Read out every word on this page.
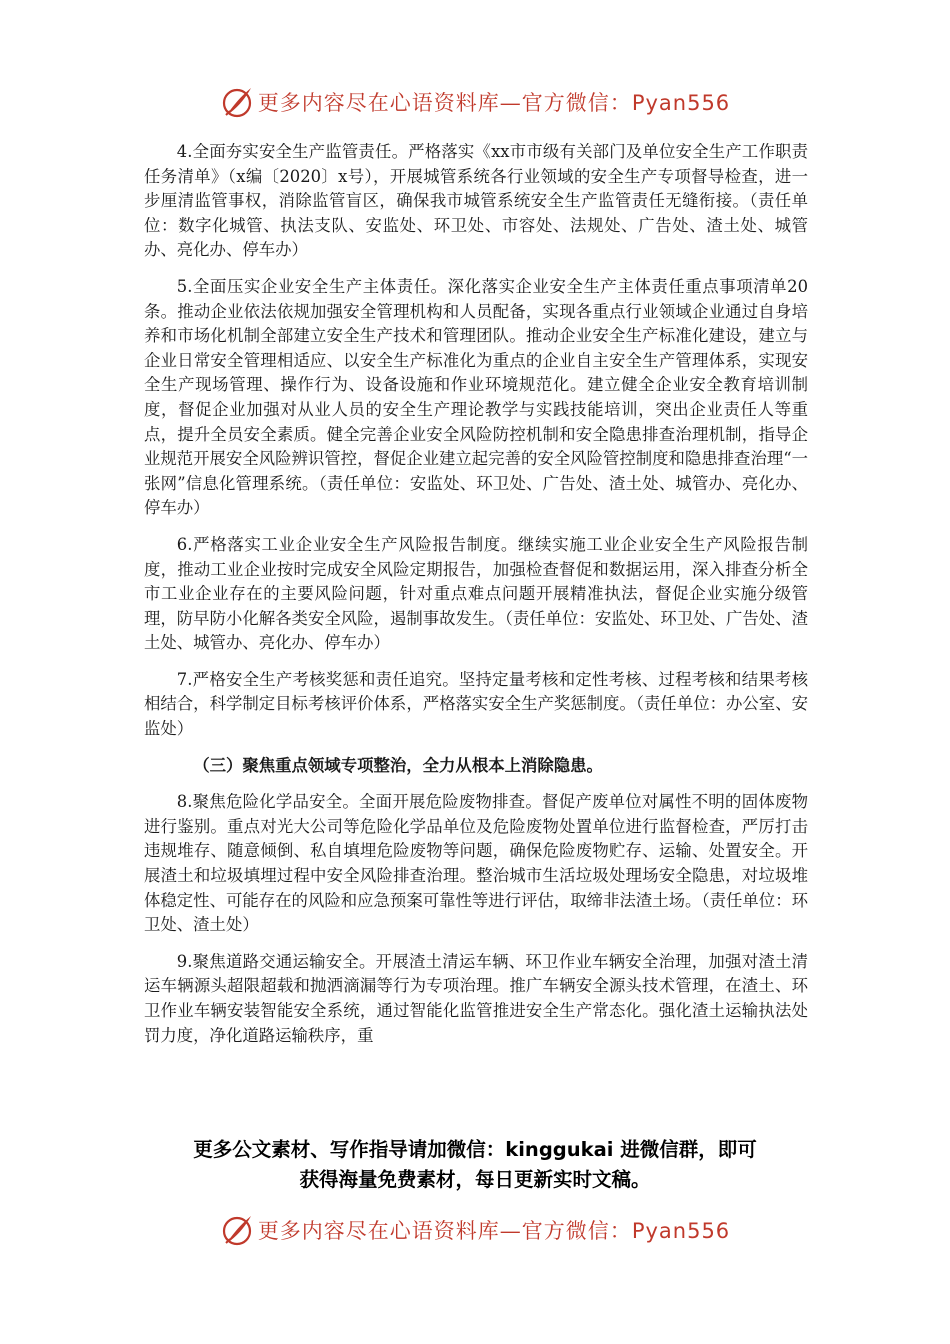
更多内容尽在心语资料库—官方微信：Pyan556

4.全面夯实安全生产监管责任。严格落实《xx市市级有关部门及单位安全生产工作职责任务清单》（x编〔2020〕x号），开展城管系统各行业领域的安全生产专项督导检查，进一步厘清监管事权，消除监管盲区，确保我市城管系统安全生产监管责任无缝衔接。（责任单位：数字化城管、执法支队、安监处、环卫处、市容处、法规处、广告处、渣土处、城管办、亮化办、停车办）

5.全面压实企业安全生产主体责任。深化落实企业安全生产主体责任重点事项清单20条。推动企业依法依规加强安全管理机构和人员配备，实现各重点行业领域企业通过自身培养和市场化机制全部建立安全生产技术和管理团队。推动企业安全生产标准化建设，建立与企业日常安全管理相适应、以安全生产标准化为重点的企业自主安全生产管理体系，实现安全生产现场管理、操作行为、设备设施和作业环境规范化。建立健全企业安全教育培训制度，督促企业加强对从业人员的安全生产理论教学与实践技能培训，突出企业责任人等重点，提升全员安全素质。健全完善企业安全风险防控机制和安全隐患排查治理机制，指导企业规范开展安全风险辨识管控，督促企业建立起完善的安全风险管控制度和隐患排查治理“一张网”信息化管理系统。（责任单位：安监处、环卫处、广告处、渣土处、城管办、亮化办、停车办）

6.严格落实工业企业安全生产风险报告制度。继续实施工业企业安全生产风险报告制度，推动工业企业按时完成安全风险定期报告，加强检查督促和数据运用，深入排查分析全市工业企业存在的主要风险问题，针对重点难点问题开展精准执法，督促企业实施分级管理，防早防小化解各类安全风险，遏制事故发生。（责任单位：安监处、环卫处、广告处、渣土处、城管办、亮化办、停车办）

7.严格安全生产考核奖惩和责任追究。坚持定量考核和定性考核、过程考核和结果考核相结合，科学制定目标考核评价体系，严格落实安全生产奖惩制度。（责任单位：办公室、安监处）

（三）聚焦重点领域专项整治，全力从根本上消除隐患。

8.聚焦危险化学品安全。全面开展危险废物排查。督促产废单位对属性不明的固体废物进行鉴别。重点对光大公司等危险化学品单位及危险废物处置单位进行监督检查，严厉打击违规堆存、随意倾倒、私自填埋危险废物等问题，确保危险废物贮存、运输、处置安全。开展渣土和垃圾填埋过程中安全风险排查治理。整治城市生活垃圾处理场安全隐患，对垃圾堆体稳定性、可能存在的风险和应急预案可靠性等进行评估，取缔非法渣土场。（责任单位：环卫处、渣土处）

9.聚焦道路交通运输安全。开展渣土清运车辆、环卫作业车辆安全治理，加强对渣土清运车辆源头超限超载和抛洒滴漏等行为专项治理。推广车辆安全源头技术管理，在渣土、环卫作业车辆安装智能安全系统，通过智能化监管推进安全生产常态化。强化渣土运输执法处罚力度，净化道路运输秩序，重

更多公文素材、写作指导请加微信：kinggukai 进微信群，即可
获得海量免费素材，每日更新实时文稿。
更多内容尽在心语资料库—官方微信：Pyan556
